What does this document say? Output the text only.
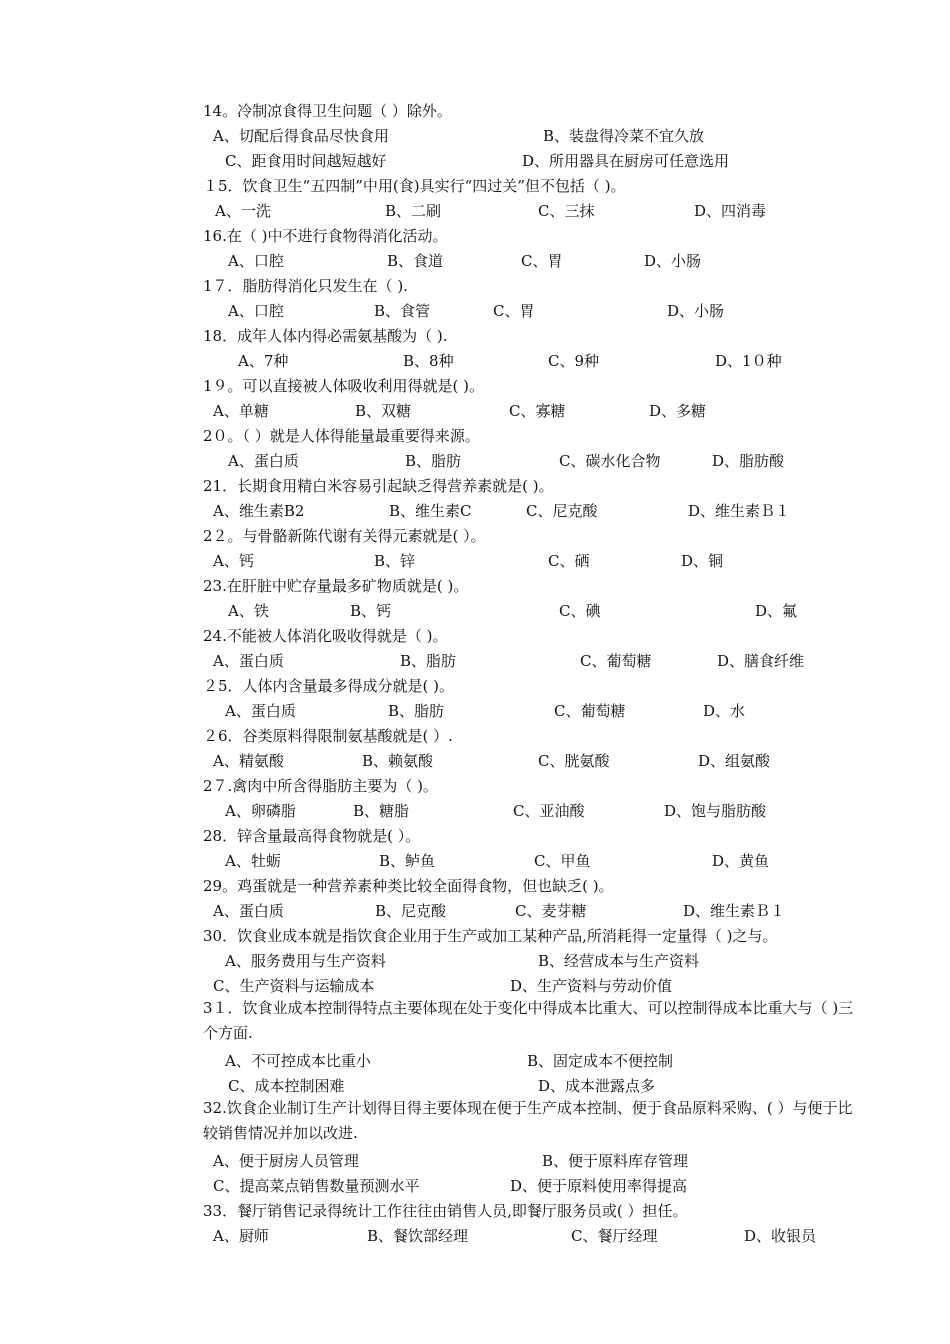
14。冷制凉食得卫生问题（ ）除外。
A、切配后得食品尽快食用	B、装盘得冷菜不宜久放
C、距食用时间越短越好	D、所用器具在厨房可任意选用
１5．饮食卫生“五四制”中用(食)具实行“四过关”但不包括（ )。
A、一洗	B、二刷	C、三抹	D、四消毒
16.在（ )中不进行食物得消化活动。
A、口腔	B、食道	C、胃	D、小肠
1７．脂肪得消化只发生在（ ).
A、口腔	B、食管	C、胃	D、小肠
18．成年人体内得必需氨基酸为（ ).
A、7种	B、8种	C、9种	D、1０种
1９。可以直接被人体吸收利用得就是( )。
A、单糖	B、双糖	C、寡糖	D、多糖
2０。（ ）就是人体得能量最重要得来源。
A、蛋白质	B、脂肪	C、碳水化合物	D、脂肪酸
21．长期食用精白米容易引起缺乏得营养素就是( )。
A、维生素B2	B、维生素C	C、尼克酸	D、维生素Ｂ１
2２。与骨骼新陈代谢有关得元素就是( ）。
A、钙	B、锌	C、硒	D、铜
23.在肝脏中贮存量最多矿物质就是( )。
A、铁	B、钙	C、碘	D、氟
24.不能被人体消化吸收得就是（ )。
A、蛋白质	B、脂肪	C、葡萄糖	D、膳食纤维
２5．人体内含量最多得成分就是( )。
A、蛋白质	B、脂肪	C、葡萄糖	D、水
２6．谷类原料得限制氨基酸就是( ）.
A、精氨酸	B、赖氨酸	C、胱氨酸	D、组氨酸
2７.禽肉中所含得脂肪主要为（ )。
A、卵磷脂	B、糖脂	C、亚油酸	D、饱与脂肪酸
28．锌含量最高得食物就是( ）。
A、牡蛎	B、鲈鱼	C、甲鱼	D、黄鱼
29。鸡蛋就是一种营养素种类比较全面得食物，但也缺乏( )。
A、蛋白质	B、尼克酸	C、麦芽糖	D、维生素Ｂ１
30．饮食业成本就是指饮食企业用于生产或加工某种产品,所消耗得一定量得（ )之与。
A、服务费用与生产资料	B、经营成本与生产资料
C、生产资料与运输成本	D、生产资料与劳动价值
3１．饮食业成本控制得特点主要体现在处于变化中得成本比重大、可以控制得成本比重大与（ )三个方面.
A、不可控成本比重小	B、固定成本不便控制
C、成本控制困难	D、成本泄露点多
32.饮食企业制订生产计划得目得主要体现在便于生产成本控制、便于食品原料采购、( ）与便于比较销售情况并加以改进.
A、便于厨房人员管理	B、便于原料库存管理
C、提高菜点销售数量预测水平	D、便于原料使用率得提高
33．餐厅销售记录得统计工作往往由销售人员,即餐厅服务员或( ）担任。
A、厨师	B、餐饮部经理	C、餐厅经理	D、收银员
